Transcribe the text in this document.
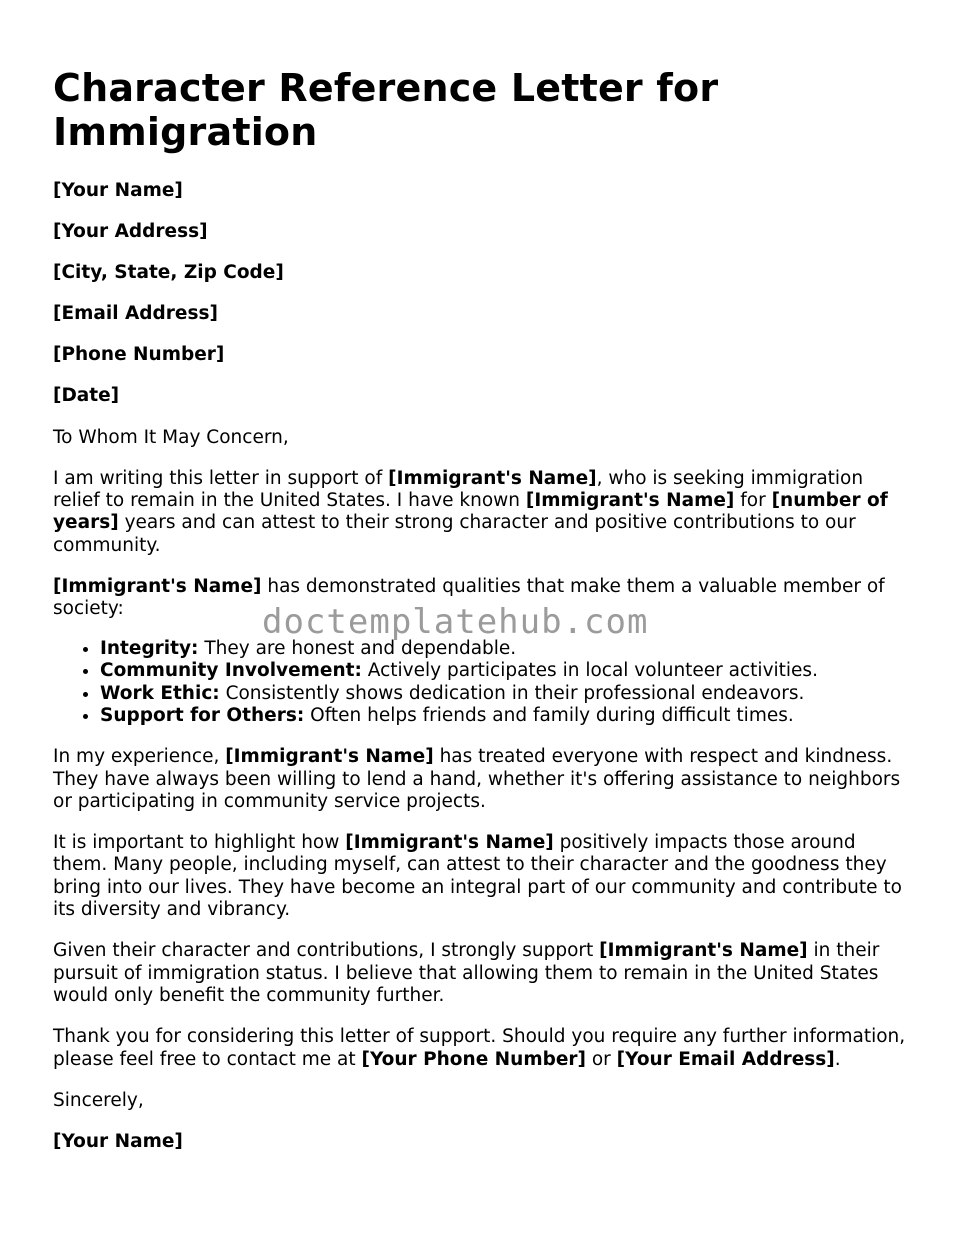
Character Reference Letter for Immigration

[Your Name]

[Your Address]

[City, State, Zip Code]

[Email Address]

[Phone Number]

[Date]

To Whom It May Concern,

I am writing this letter in support of [Immigrant's Name], who is seeking immigration relief to remain in the United States. I have known [Immigrant's Name] for [number of years] years and can attest to their strong character and positive contributions to our community.

[Immigrant's Name] has demonstrated qualities that make them a valuable member of society:

• Integrity: They are honest and dependable.
• Community Involvement: Actively participates in local volunteer activities.
• Work Ethic: Consistently shows dedication in their professional endeavors.
• Support for Others: Often helps friends and family during difficult times.

In my experience, [Immigrant's Name] has treated everyone with respect and kindness. They have always been willing to lend a hand, whether it's offering assistance to neighbors or participating in community service projects.

It is important to highlight how [Immigrant's Name] positively impacts those around them. Many people, including myself, can attest to their character and the goodness they bring into our lives. They have become an integral part of our community and contribute to its diversity and vibrancy.

Given their character and contributions, I strongly support [Immigrant's Name] in their pursuit of immigration status. I believe that allowing them to remain in the United States would only benefit the community further.

Thank you for considering this letter of support. Should you require any further information, please feel free to contact me at [Your Phone Number] or [Your Email Address].

Sincerely,

[Your Name]

doctemplatehub.com
